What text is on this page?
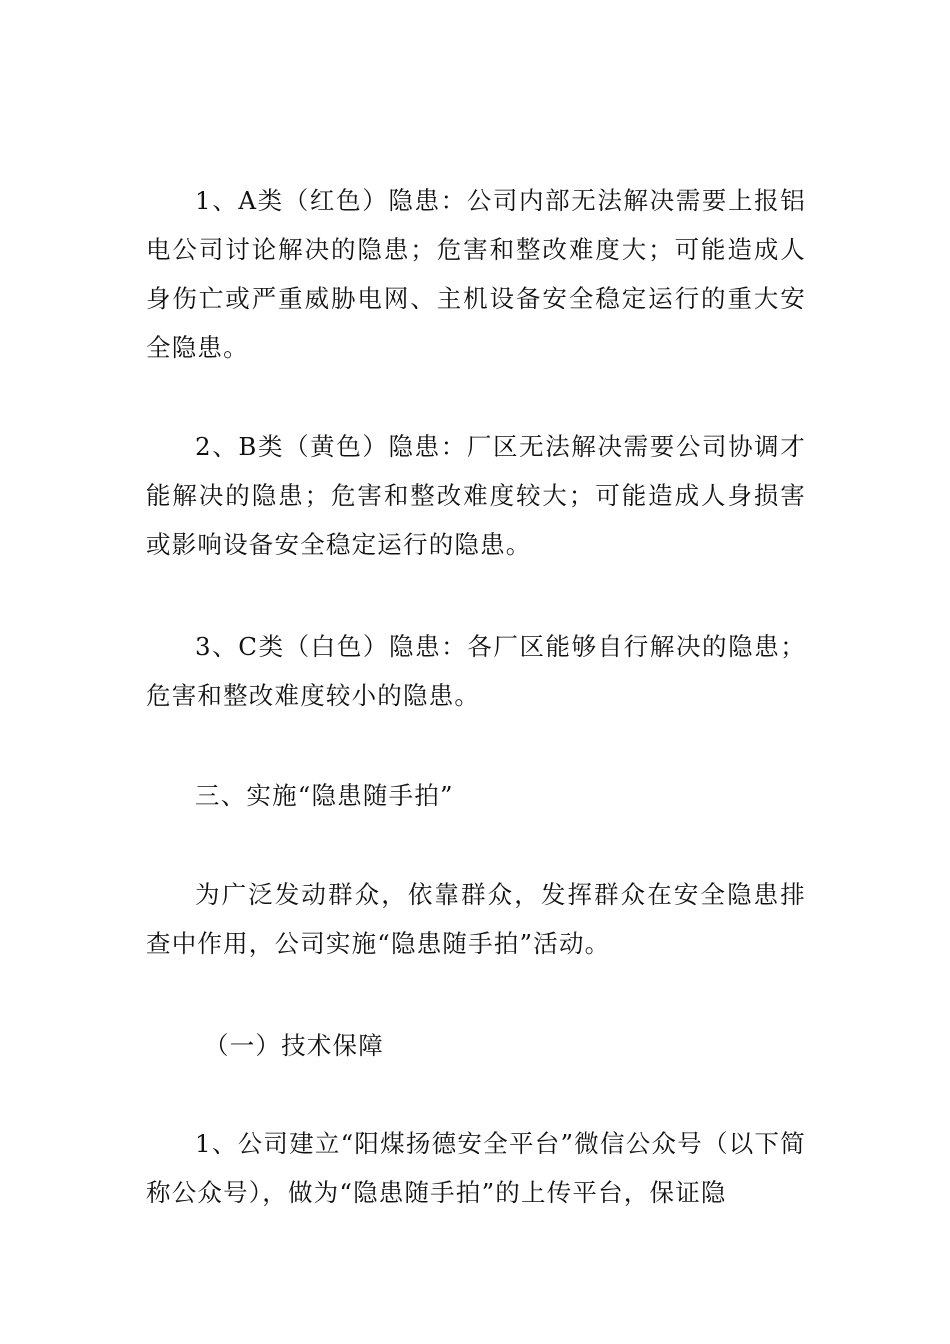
1、A类（红色）隐患：公司内部无法解决需要上报铝电公司讨论解决的隐患；危害和整改难度大；可能造成人身伤亡或严重威胁电网、主机设备安全稳定运行的重大安全隐患。

2、B类（黄色）隐患：厂区无法解决需要公司协调才能解决的隐患；危害和整改难度较大；可能造成人身损害或影响设备安全稳定运行的隐患。

3、C类（白色）隐患：各厂区能够自行解决的隐患；危害和整改难度较小的隐患。

三、实施“隐患随手拍”

为广泛发动群众，依靠群众，发挥群众在安全隐患排查中作用，公司实施“隐患随手拍”活动。

（一）技术保障

1、公司建立“阳煤扬德安全平台”微信公众号（以下简称公众号），做为“隐患随手拍”的上传平台，保证隐
